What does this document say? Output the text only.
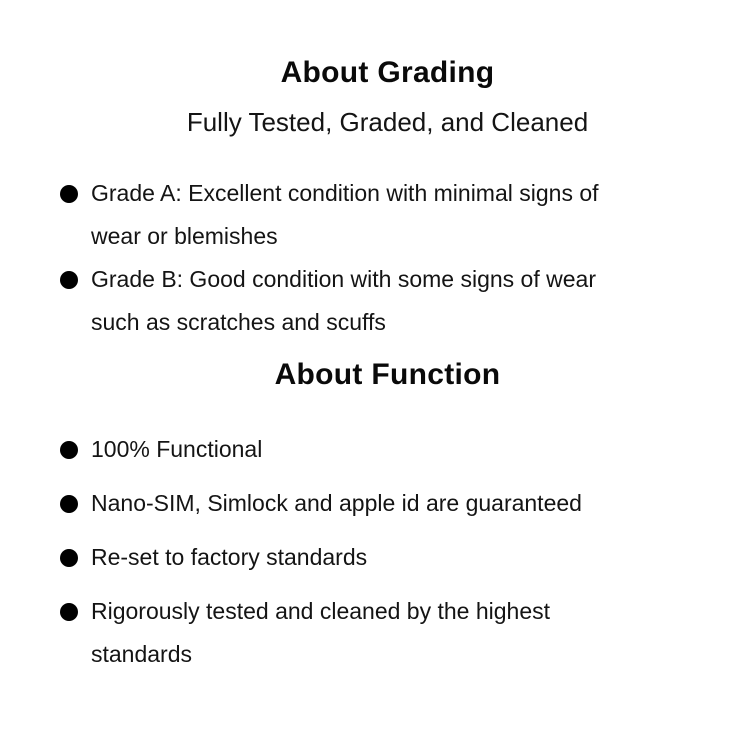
About Grading

Fully Tested, Graded, and Cleaned

Grade A: Excellent condition with minimal signs of
wear or blemishes
Grade B: Good condition with some signs of wear
such as scratches and scuffs
About Function
100% Functional
Nano-SIM, Simlock and apple id are guaranteed
Re-set to factory standards
Rigorously tested and cleaned by the highest
standards
